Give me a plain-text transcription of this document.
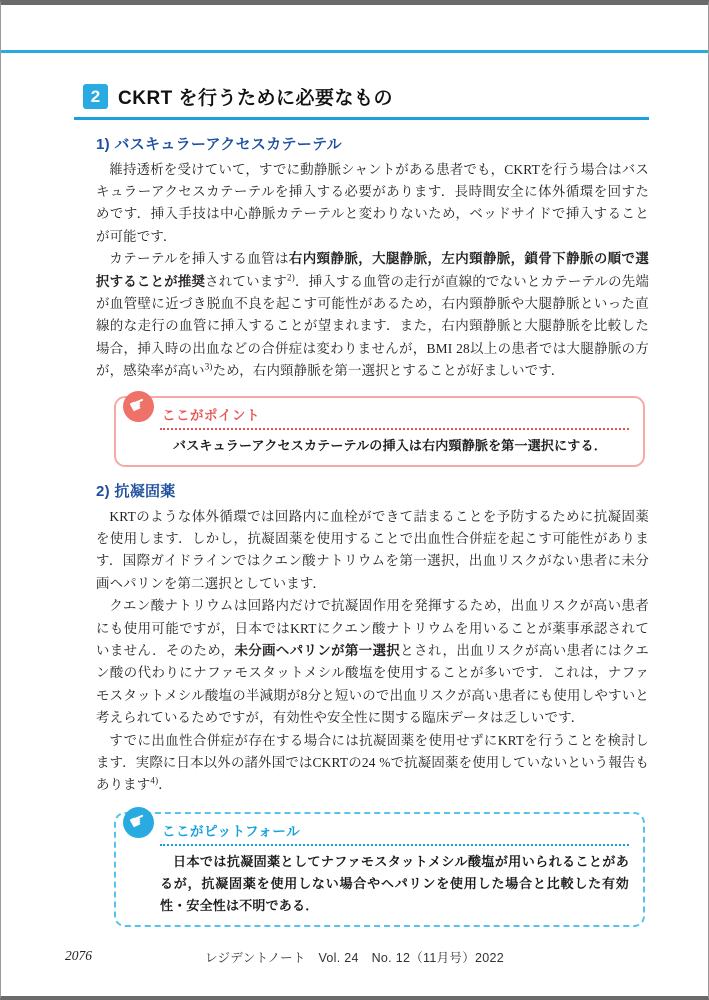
2 CKRT を行うために必要なもの
1) バスキュラーアクセスカテーテル

維持透析を受けていて，すでに動静脈シャントがある患者でも，CKRTを行う場合はバスキュラーアクセスカテーテルを挿入する必要があります．長時間安全に体外循環を回すためです．挿入手技は中心静脈カテーテルと変わりないため，ベッドサイドで挿入することが可能です．

カテーテルを挿入する血管は右内頸静脈，大腿静脈，左内頸静脈，鎖骨下静脈の順で選択することが推奨されています$^{2)}$．挿入する血管の走行が直線的でないとカテーテルの先端が血管壁に近づき脱血不良を起こす可能性があるため，右内頸静脈や大腿静脈といった直線的な走行の血管に挿入することが望まれます．また，右内頸静脈と大腿静脈を比較した場合，挿入時の出血などの合併症は変わりませんが，BMI 28以上の患者では大腿静脈の方が，感染率が高い$^{3)}$ため，右内頸静脈を第一選択とすることが好ましいです．

☛ ここがポイント

バスキュラーアクセスカテーテルの挿入は右内頸静脈を第一選択にする．

2) 抗凝固薬

KRTのような体外循環では回路内に血栓ができて詰まることを予防するために抗凝固薬を使用します．しかし，抗凝固薬を使用することで出血性合併症を起こす可能性があります．国際ガイドラインではクエン酸ナトリウムを第一選択，出血リスクがない患者に未分画ヘパリンを第二選択としています．

クエン酸ナトリウムは回路内だけで抗凝固作用を発揮するため，出血リスクが高い患者にも使用可能ですが，日本ではKRTにクエン酸ナトリウムを用いることが薬事承認されていません．そのため，未分画ヘパリンが第一選択とされ，出血リスクが高い患者にはクエン酸の代わりにナファモスタットメシル酸塩を使用することが多いです．これは，ナファモスタットメシル酸塩の半減期が8分と短いので出血リスクが高い患者にも使用しやすいと考えられているためですが，有効性や安全性に関する臨床データは乏しいです．

すでに出血性合併症が存在する場合には抗凝固薬を使用せずにKRTを行うことを検討します．実際に日本以外の諸外国ではCKRTの24 %で抗凝固薬を使用していないという報告もあります$^{4)}$．

☛ ここがピットフォール

日本では抗凝固薬としてナファモスタットメシル酸塩が用いられることがあるが，抗凝固薬を使用しない場合やヘパリンを使用した場合と比較した有効性・安全性は不明である．

2076	レジデントノート　Vol. 24　No. 12（11月号）2022
